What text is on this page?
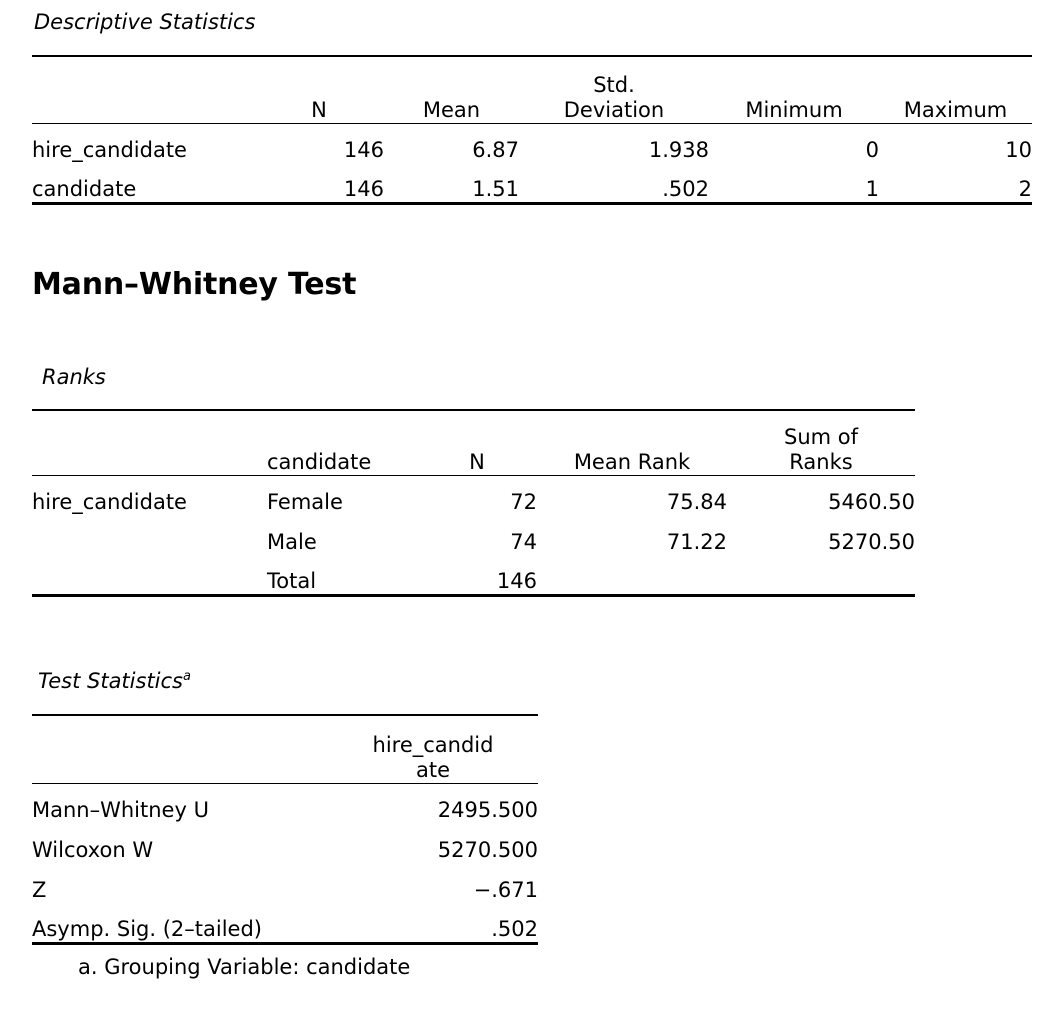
Descriptive Statistics
	N	Mean	Std.
Deviation	Minimum	Maximum
hire_candidate	146	6.87	1.938	0	10
candidate	146	1.51	.502	1	2
Mann–Whitney Test
Ranks
	candidate	N	Mean Rank	Sum of
Ranks
hire_candidate	Female	72	75.84	5460.50
	Male	74	71.22	5270.50
	Total	146		
Test Statistics$^a$
	hire_candid
ate
Mann–Whitney U	2495.500
Wilcoxon W	5270.500
Z	−.671
Asymp. Sig. (2–tailed)	.502
a. Grouping Variable: candidate
